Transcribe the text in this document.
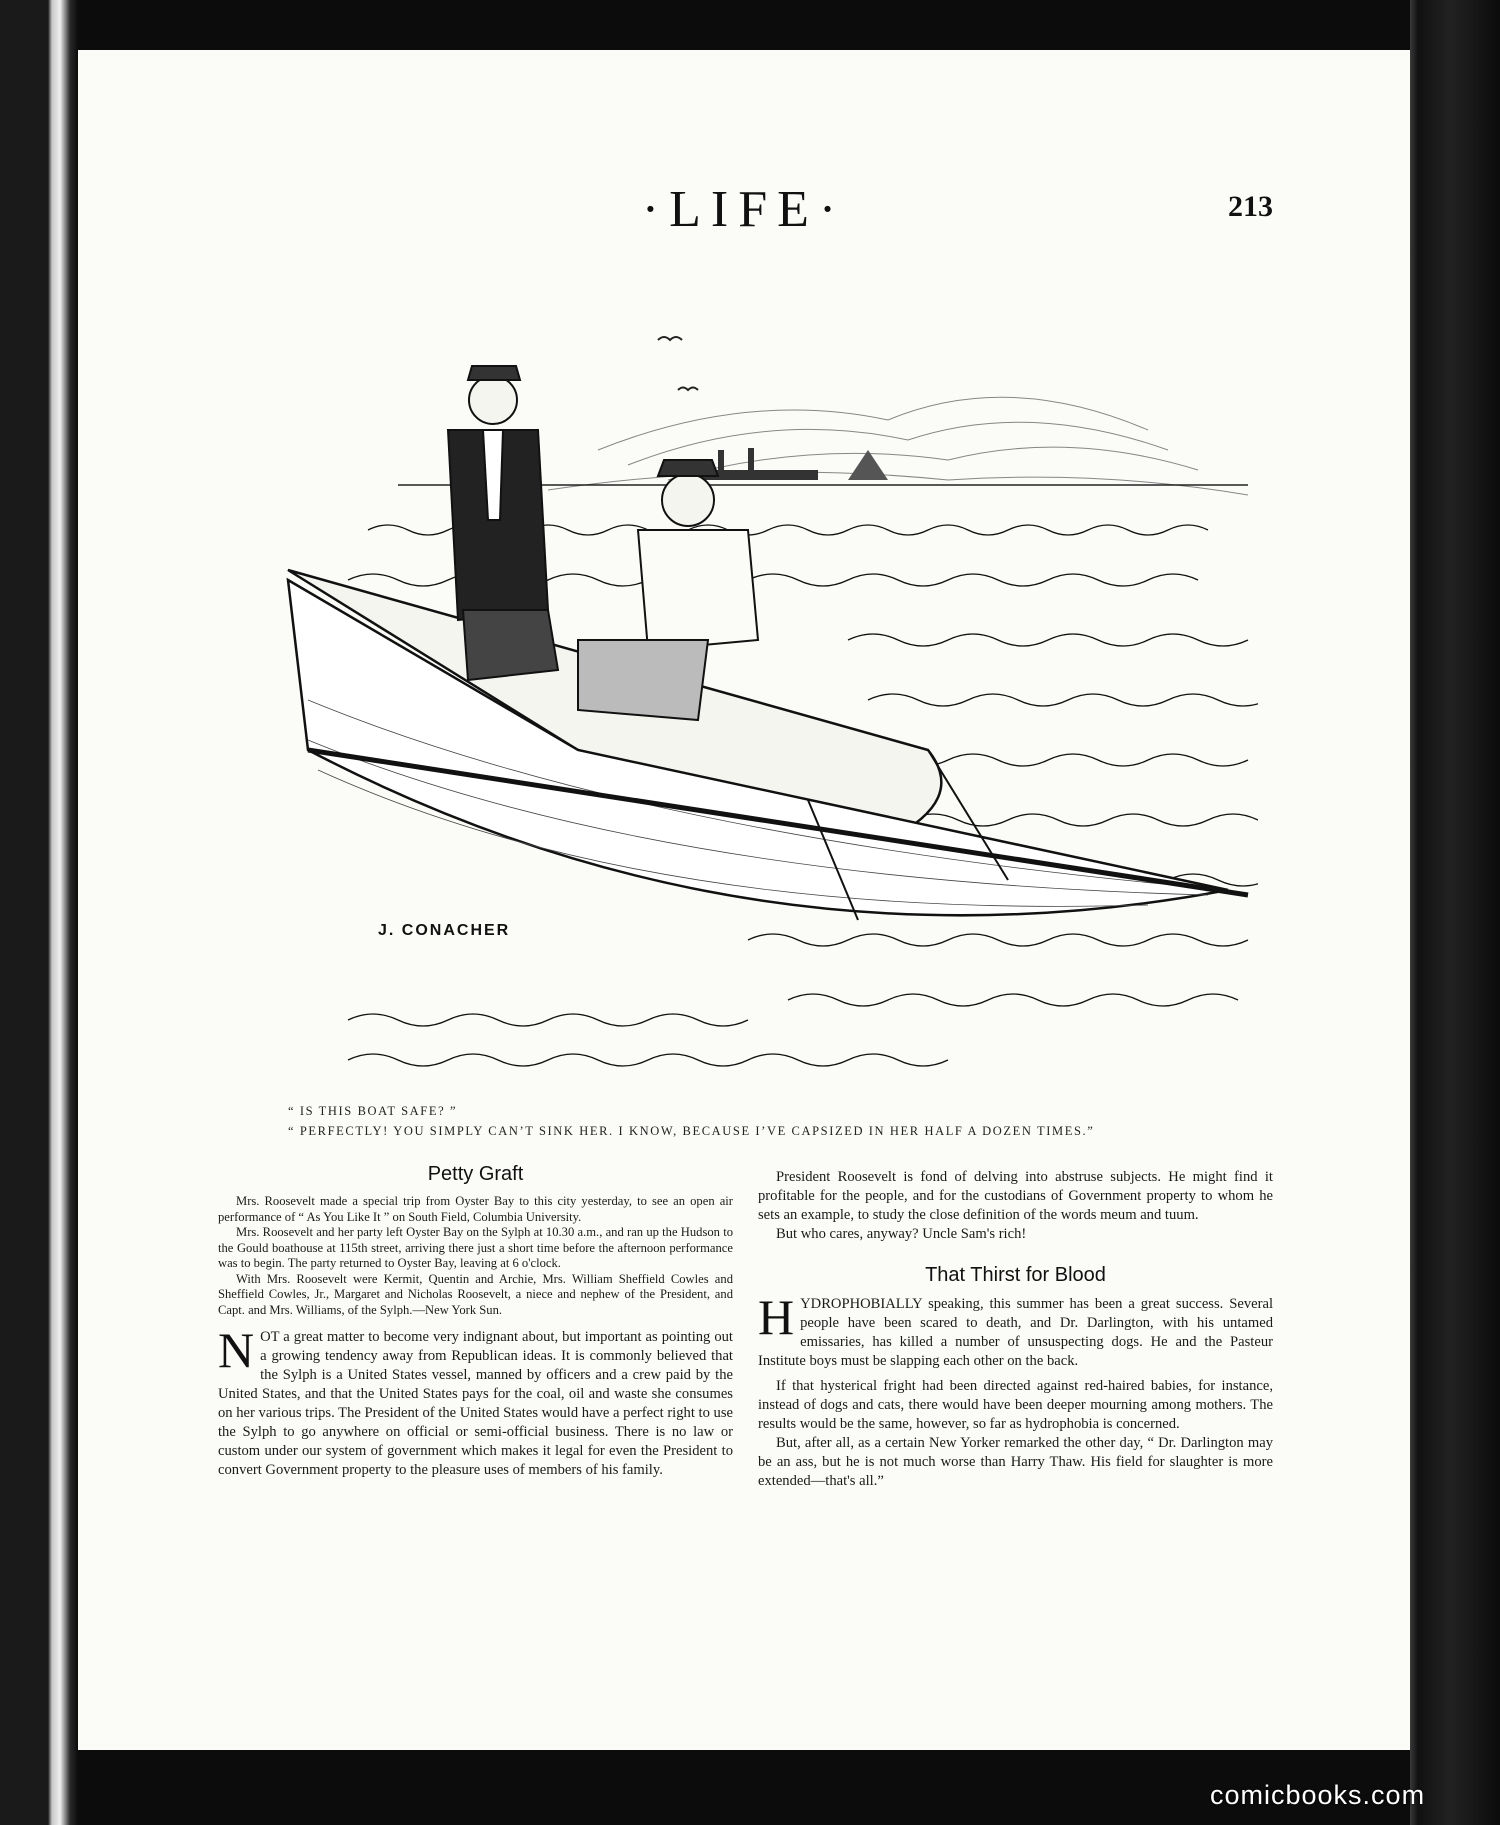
·LIFE·	213
J. CONACHER
“ IS THIS BOAT SAFE? ”
“ PERFECTLY! YOU SIMPLY CAN’T SINK HER. I KNOW, BECAUSE I’VE CAPSIZED IN HER HALF A DOZEN TIMES.”
Petty Graft

Mrs. Roosevelt made a special trip from Oyster Bay to this city yesterday, to see an open air performance of “ As You Like It ” on South Field, Columbia University.

Mrs. Roosevelt and her party left Oyster Bay on the Sylph at 10.30 a.m., and ran up the Hudson to the Gould boathouse at 115th street, arriving there just a short time before the afternoon performance was to begin. The party returned to Oyster Bay, leaving at 6 o'clock.

With Mrs. Roosevelt were Kermit, Quentin and Archie, Mrs. William Sheffield Cowles and Sheffield Cowles, Jr., Margaret and Nicholas Roosevelt, a niece and nephew of the President, and Capt. and Mrs. Williams, of the Sylph.—New York Sun.

N OT a great matter to become very indignant about, but important as pointing out a growing tendency away from Republican ideas. It is commonly believed that the Sylph is a United States vessel, manned by officers and a crew paid by the United States, and that the United States pays for the coal, oil and waste she consumes on her various trips. The President of the United States would have a perfect right to use the Sylph to go anywhere on official or semi-official business. There is no law or custom under our system of government which makes it legal for even the President to convert Government property to the pleasure uses of members of his family.

President Roosevelt is fond of delving into abstruse subjects. He might find it profitable for the people, and for the custodians of Government property to whom he sets an example, to study the close definition of the words meum and tuum.

But who cares, anyway? Uncle Sam's rich!

That Thirst for Blood

H YDROPHOBIALLY speaking, this summer has been a great success. Several people have been scared to death, and Dr. Darlington, with his untamed emissaries, has killed a number of unsuspecting dogs. He and the Pasteur Institute boys must be slapping each other on the back.

If that hysterical fright had been directed against red-haired babies, for instance, instead of dogs and cats, there would have been deeper mourning among mothers. The results would be the same, however, so far as hydrophobia is concerned.

But, after all, as a certain New Yorker remarked the other day, “ Dr. Darlington may be an ass, but he is not much worse than Harry Thaw. His field for slaughter is more extended—that's all.”

comicbooks.com
